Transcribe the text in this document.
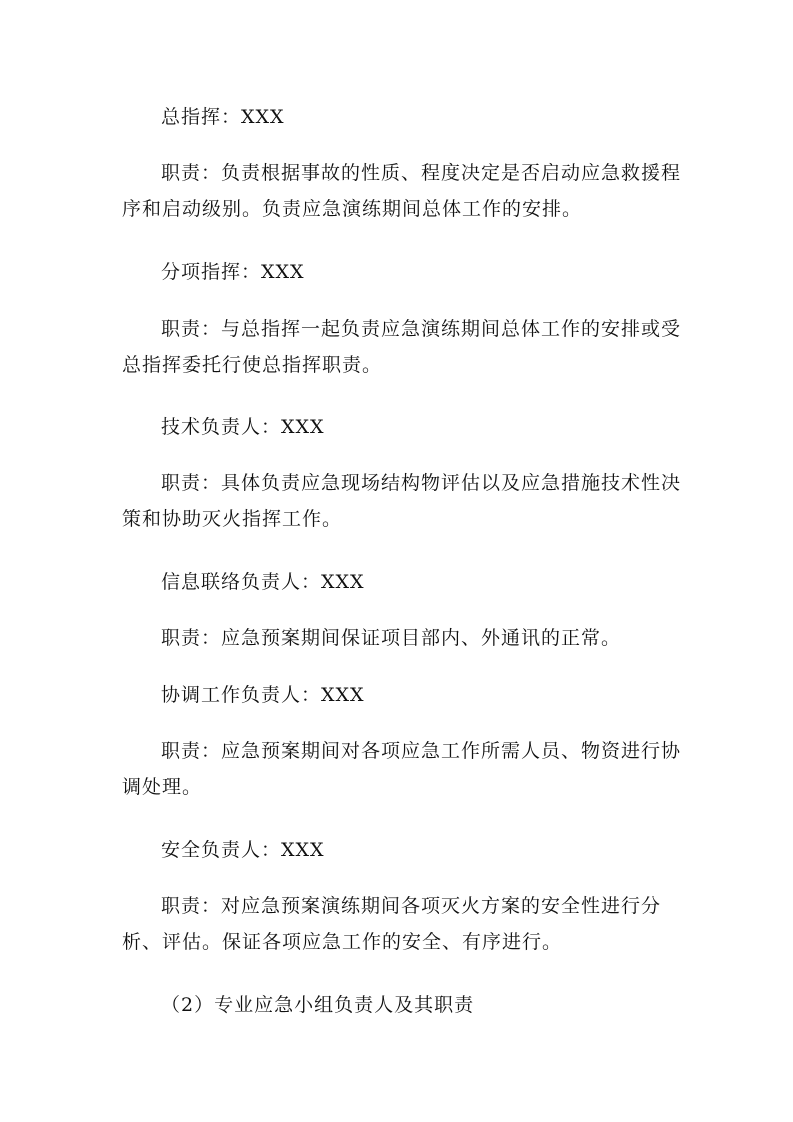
总指挥：XXX

职责：负责根据事故的性质、程度决定是否启动应急救援程序和启动级别。负责应急演练期间总体工作的安排。

分项指挥：XXX

职责：与总指挥一起负责应急演练期间总体工作的安排或受总指挥委托行使总指挥职责。

技术负责人：XXX

职责：具体负责应急现场结构物评估以及应急措施技术性决策和协助灭火指挥工作。

信息联络负责人：XXX

职责：应急预案期间保证项目部内、外通讯的正常。

协调工作负责人：XXX

职责：应急预案期间对各项应急工作所需人员、物资进行协调处理。

安全负责人：XXX

职责：对应急预案演练期间各项灭火方案的安全性进行分析、评估。保证各项应急工作的安全、有序进行。

（2）专业应急小组负责人及其职责
